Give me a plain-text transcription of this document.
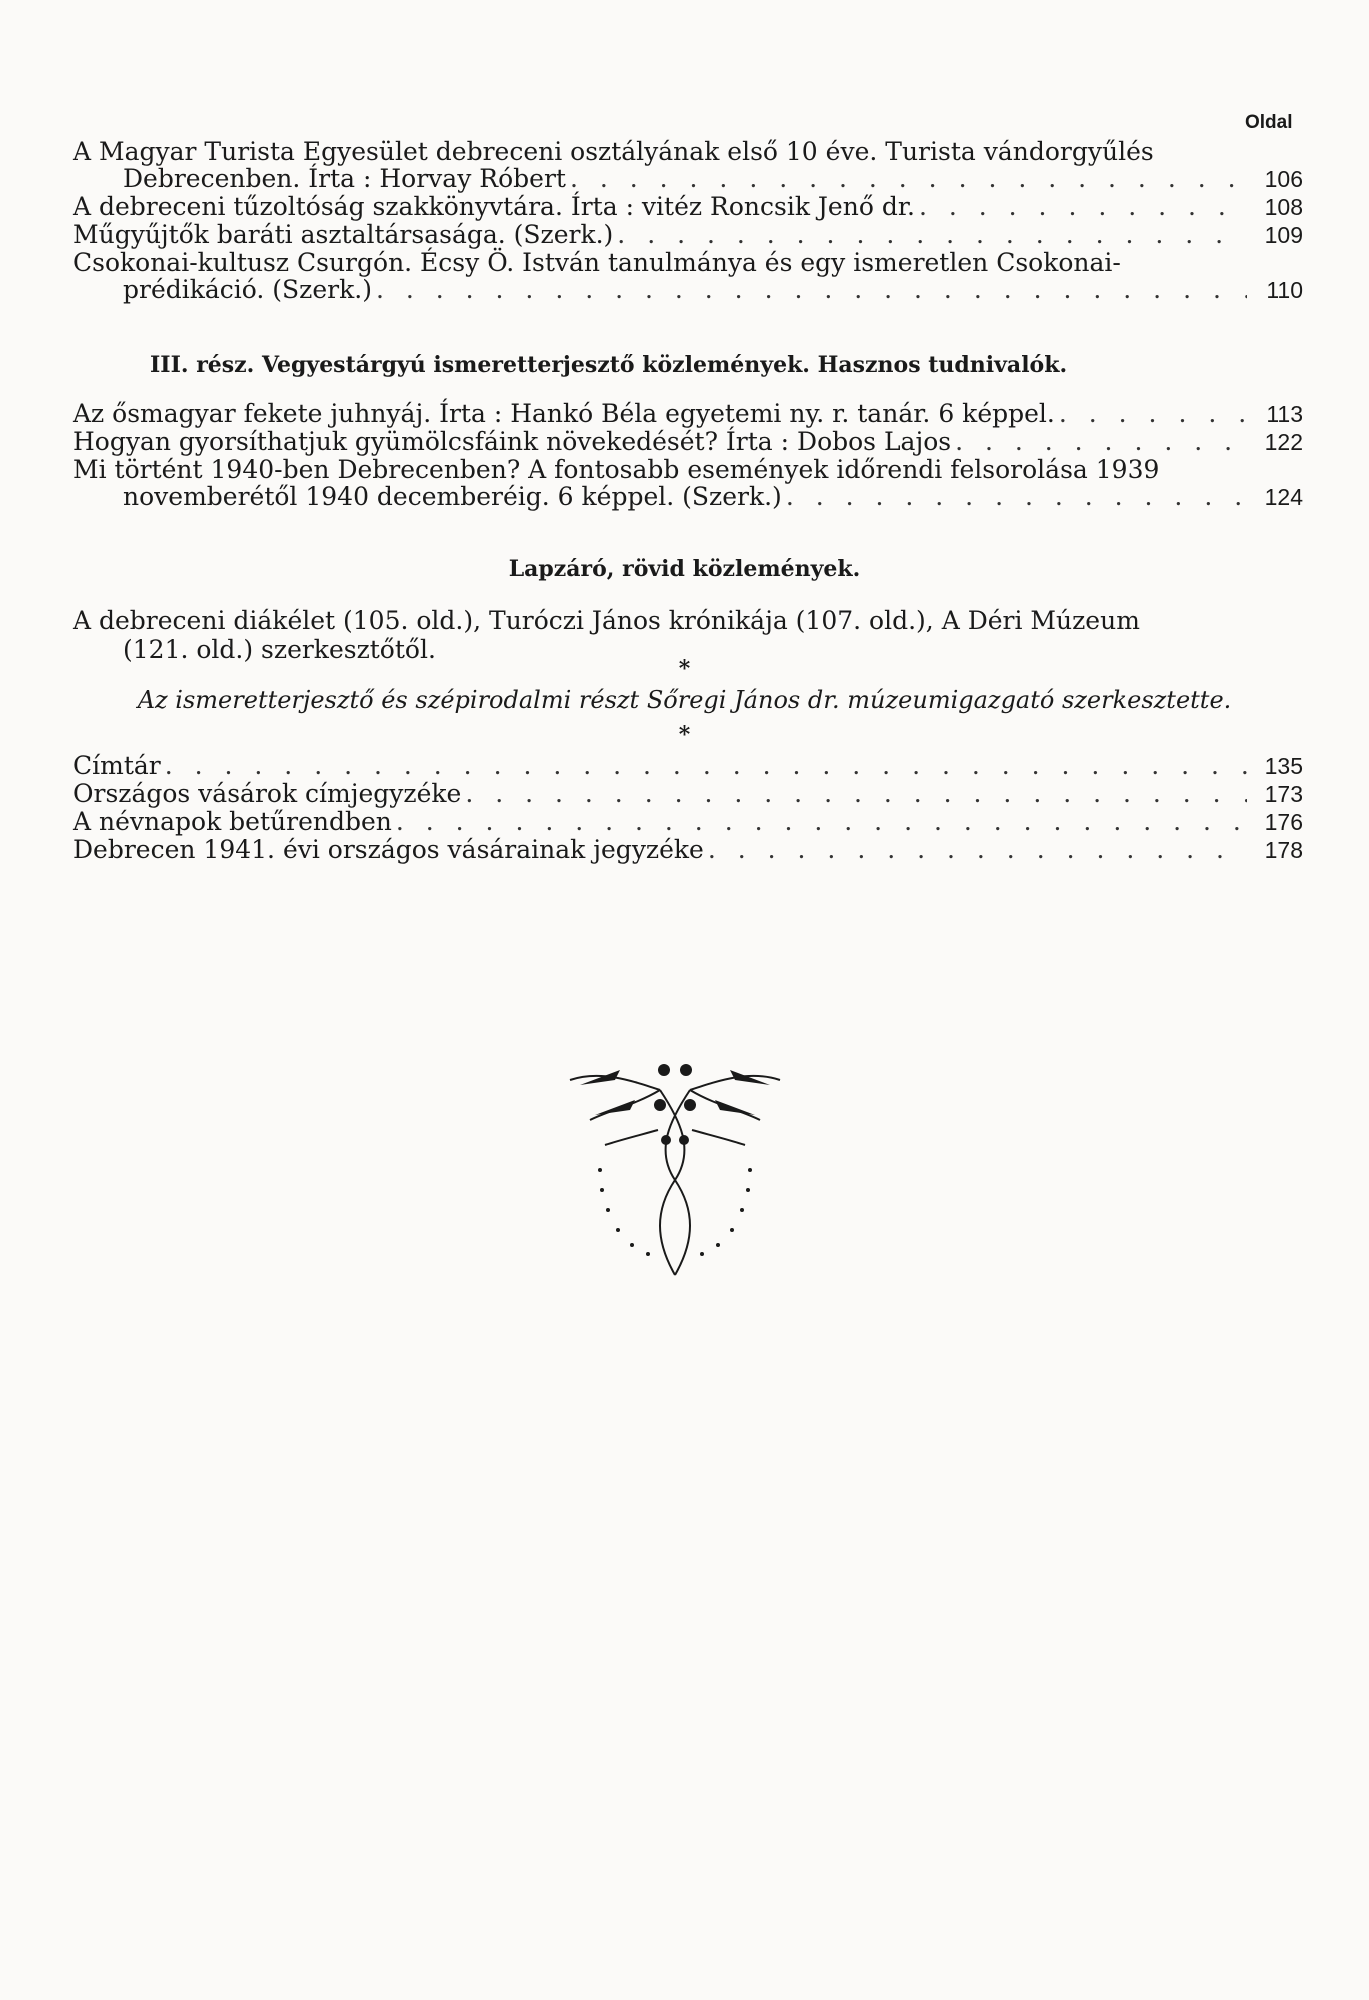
Oldal
A Magyar Turista Egyesület debreceni osztályának első 10 éve. Turista vándorgyűlés
Debrecenben. Írta : Horvay Róbert . . .	106
A debreceni tűzoltóság szakkönyvtára. Írta : vitéz Roncsik Jenő dr. . . .	108
Műgyűjtők baráti asztaltársasága. (Szerk.) . . .	109
Csokonai-kultusz Csurgón. Écsy Ö. István tanulmánya és egy ismeretlen Csokonai-
prédikáció. (Szerk.) . . .	110
III. rész. Vegyestárgyú ismeretterjesztő közlemények. Hasznos tudnivalók.
Az ősmagyar fekete juhnyáj. Írta : Hankó Béla egyetemi ny. r. tanár. 6 képpel. . . .	113
Hogyan gyorsíthatjuk gyümölcsfáink növekedését? Írta : Dobos Lajos . . .	122
Mi történt 1940-ben Debrecenben? A fontosabb események időrendi felsorolása 1939
novemberétől 1940 decemberéig. 6 képpel. (Szerk.) . . .	124
Lapzáró, rövid közlemények.
A debreceni diákélet (105. old.), Turóczi János krónikája (107. old.), A Déri Múzeum
(121. old.) szerkesztőtől.
*
Az ismeretterjesztő és szépirodalmi részt Sőregi János dr. múzeumigazgató szerkesztette.
*
Címtár . . .	135
Országos vásárok címjegyzéke . . .	173
A névnapok betűrendben . . .	176
Debrecen 1941. évi országos vásárainak jegyzéke . . .	178
